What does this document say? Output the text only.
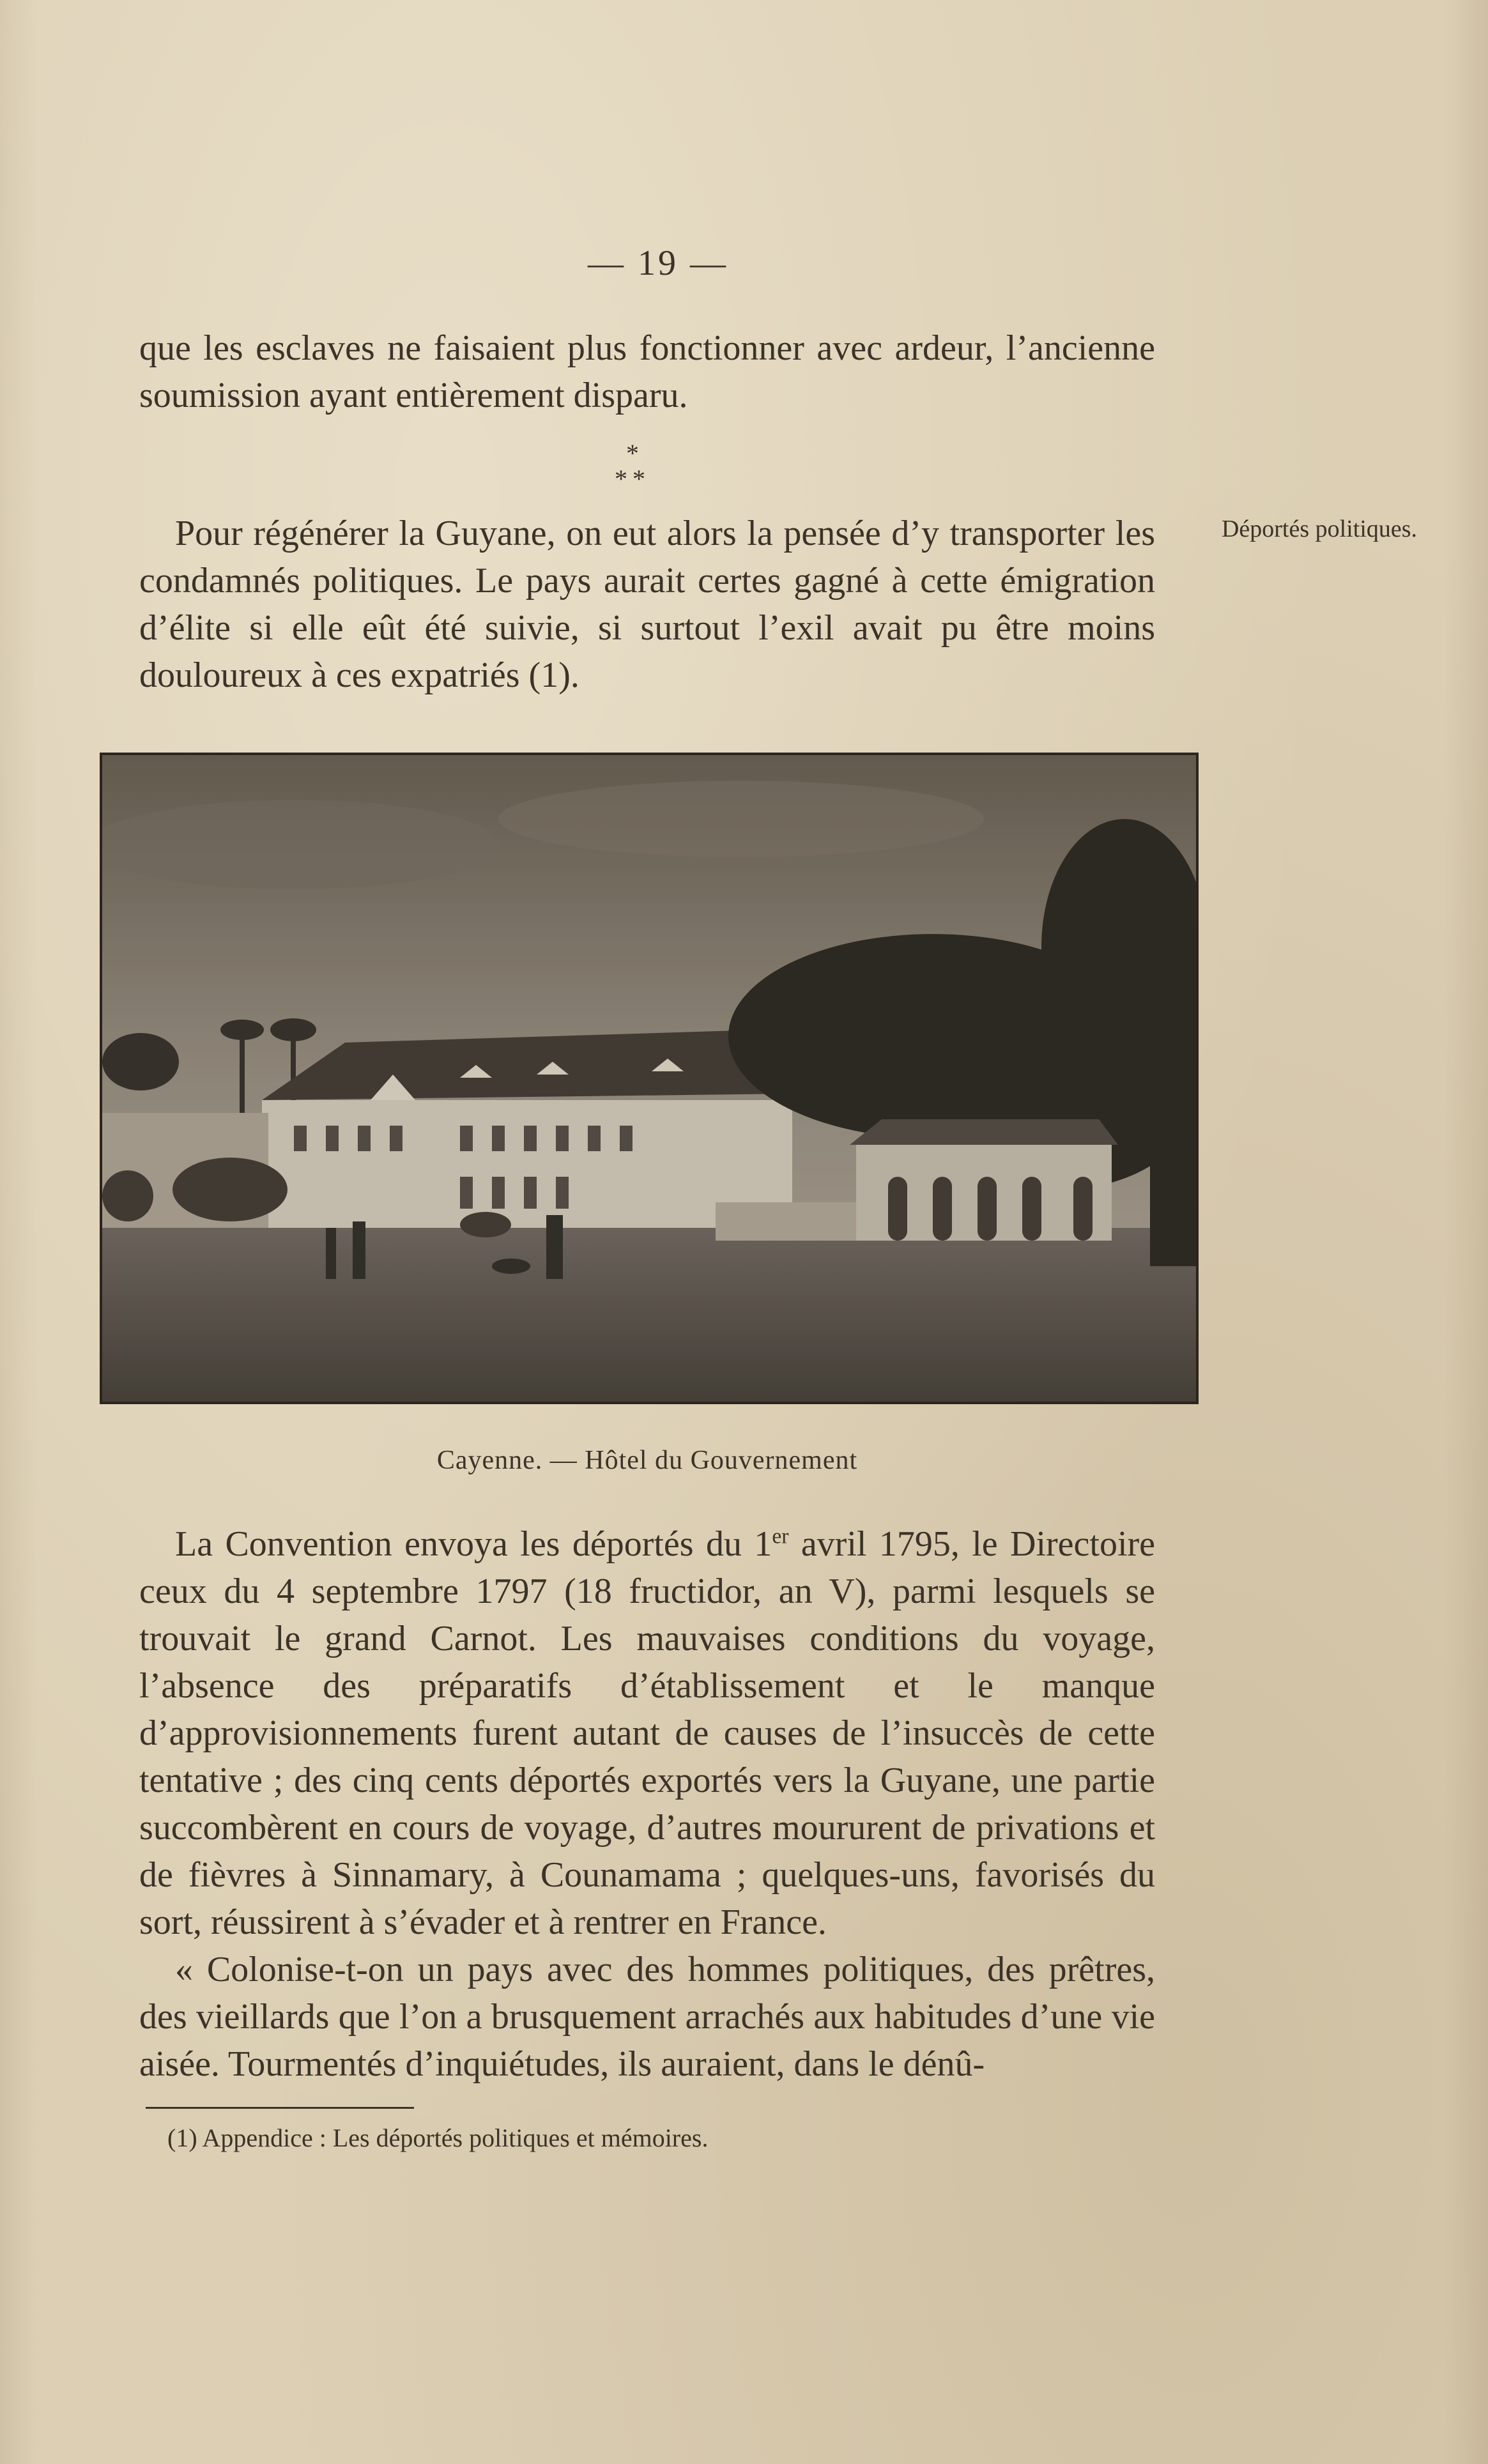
— 19 —

que les esclaves ne faisaient plus fonctionner avec ardeur, l’ancienne soumission ayant entièrement disparu.

*
**

Pour régénérer la Guyane, on eut alors la pensée d’y transporter les condamnés politiques. Le pays aurait certes gagné à cette émigration d’élite si elle eût été suivie, si surtout l’exil avait pu être moins douloureux à ces expatriés (1).

Déportés politiques.
Cayenne. — Hôtel du Gouvernement

La Convention envoya les déportés du 1er avril 1795, le Directoire ceux du 4 septembre 1797 (18 fructidor, an V), parmi lesquels se trouvait le grand Carnot. Les mauvaises conditions du voyage, l’absence des préparatifs d’établissement et le manque d’approvisionnements furent autant de causes de l’insuccès de cette tentative ; des cinq cents déportés exportés vers la Guyane, une partie succombèrent en cours de voyage, d’autres moururent de privations et de fièvres à Sinnamary, à Counamama ; quelques-uns, favorisés du sort, réussirent à s’évader et à rentrer en France.

« Colonise-t-on un pays avec des hommes politiques, des prêtres, des vieillards que l’on a brusquement arrachés aux habitudes d’une vie aisée. Tourmentés d’inquiétudes, ils auraient, dans le dénû-

(1) Appendice : Les déportés politiques et mémoires.
